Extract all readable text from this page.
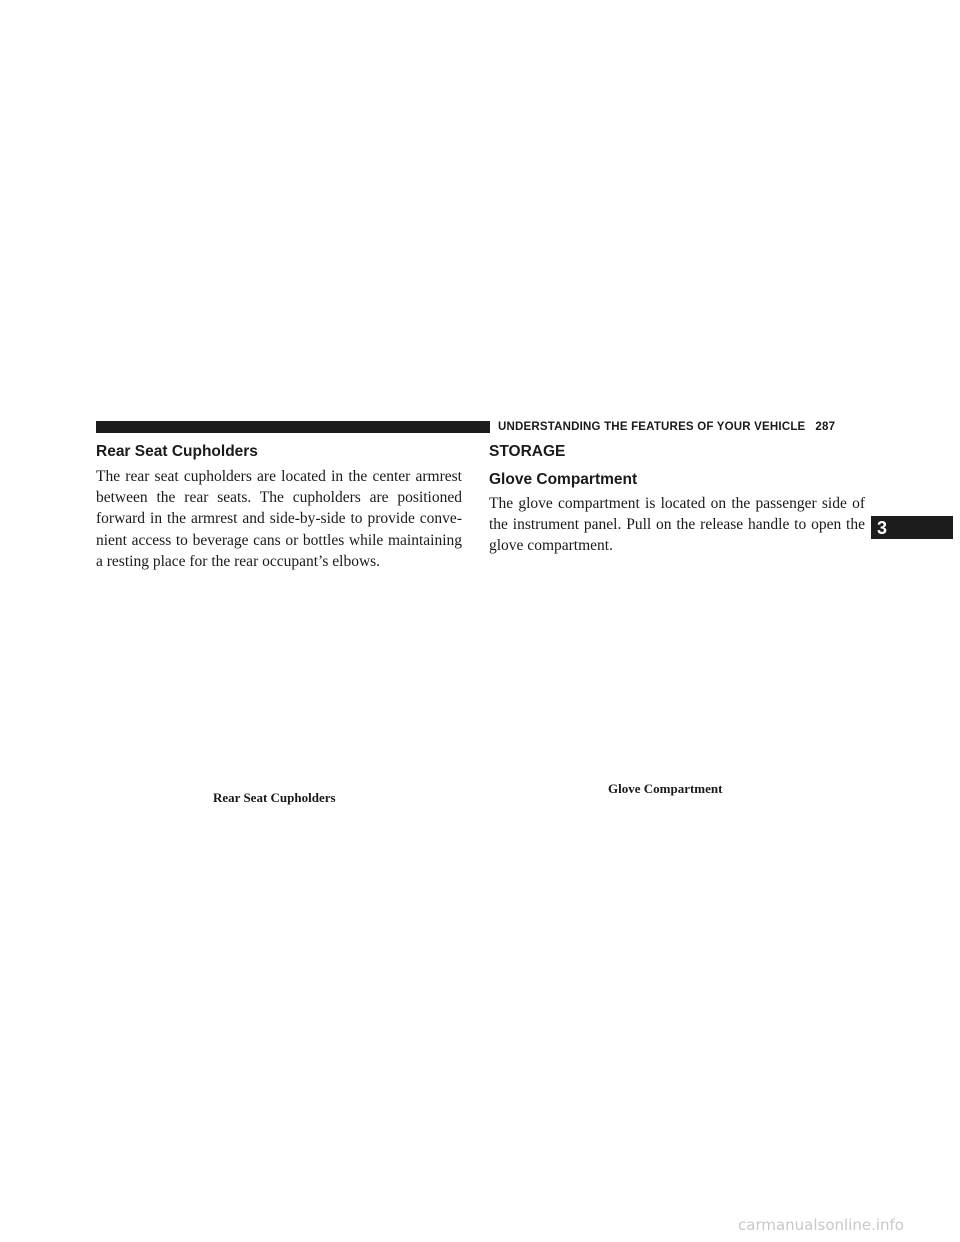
UNDERSTANDING THE FEATURES OF YOUR VEHICLE 287
3
Rear Seat Cupholders

The rear seat cupholders are located in the center armrest between the rear seats. The cupholders are positioned forward in the armrest and side-by-side to provide convenient access to beverage cans or bottles while maintaining a resting place for the rear occupant’s elbows.

Rear Seat Cupholders
STORAGE
Glove Compartment

The glove compartment is located on the passenger side of the instrument panel. Pull on the release handle to open the glove compartment.

Glove Compartment
carmanualsonline.info
